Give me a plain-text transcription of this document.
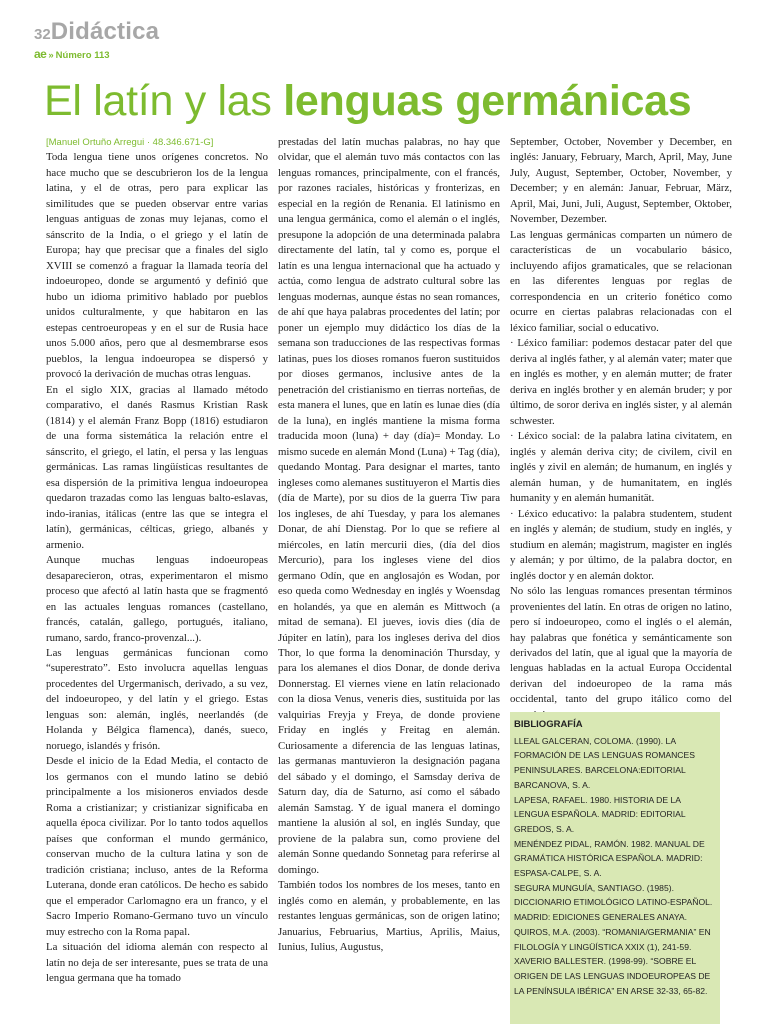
32Didáctica
ae » Número 113
El latín y las lenguas germánicas
[Manuel Ortuño Arregui · 48.346.671-G]

Toda lengua tiene unos orígenes concretos. No hace mucho que se descubrieron los de la lengua latina, y el de otras, pero para explicar las similitudes que se pueden observar entre varias lenguas antiguas de zonas muy lejanas, como el sánscrito de la India, o el griego y el latín de Europa; hay que precisar que a finales del siglo XVIII se comenzó a fraguar la llamada teoría del indoeuropeo, donde se argumentó y definió que hubo un idioma primitivo hablado por pueblos unidos culturalmente, y que habitaron en las estepas centroeuropeas y en el sur de Rusia hace unos 5.000 años, pero que al desmembrarse esos pueblos, la lengua indoeuropea se dispersó y provocó la derivación de muchas otras lenguas.

En el siglo XIX, gracias al llamado método comparativo, el danés Rasmus Kristian Rask (1814) y el alemán Franz Bopp (1816) estudiaron de una forma sistemática la relación entre el sánscrito, el griego, el latín, el persa y las lenguas germánicas. Las ramas lingüísticas resultantes de esa dispersión de la primitiva lengua indoeuropea quedaron trazadas como las lenguas balto-eslavas, indo-iranias, itálicas (entre las que se integra el latín), germánicas, célticas, griego, albanés y armenio.

Aunque muchas lenguas indoeuropeas desaparecieron, otras, experimentaron el mismo proceso que afectó al latín hasta que se fragmentó en las actuales lenguas romances (castellano, francés, catalán, gallego, portugués, italiano, rumano, sardo, franco-provenzal...).

Las lenguas germánicas funcionan como “superestrato”. Esto involucra aquellas lenguas procedentes del Urgermanisch, derivado, a su vez, del indoeuropeo, y del latín y el griego. Estas lenguas son: alemán, inglés, neerlandés (de Holanda y Bélgica flamenca), danés, sueco, noruego, islandés y frisón.

Desde el inicio de la Edad Media, el contacto de los germanos con el mundo latino se debió principalmente a los misioneros enviados desde Roma a cristianizar; y cristianizar significaba en aquella época civilizar. Por lo tanto todos aquellos países que conforman el mundo germánico, conservan mucho de la cultura latina y son de tradición cristiana; incluso, antes de la Reforma Luterana, donde eran católicos. De hecho es sabido que el emperador Carlomagno era un franco, y el Sacro Imperio Romano-Germano tuvo un vínculo muy estrecho con la Roma papal.

La situación del idioma alemán con respecto al latín no deja de ser interesante, pues se trata de una lengua germana que ha tomado

prestadas del latín muchas palabras, no hay que olvidar, que el alemán tuvo más contactos con las lenguas romances, principalmente, con el francés, por razones raciales, históricas y fronterizas, en especial en la región de Renania. El latinismo en una lengua germánica, como el alemán o el inglés, presupone la adopción de una determinada palabra directamente del latín, tal y como es, porque el latín es una lengua internacional que ha actuado y actúa, como lengua de adstrato cultural sobre las lenguas modernas, aunque éstas no sean romances, de ahí que haya palabras procedentes del latín; por poner un ejemplo muy didáctico los días de la semana son traducciones de las respectivas formas latinas, pues los dioses romanos fueron sustituidos por dioses germanos, inclusive antes de la penetración del cristianismo en tierras norteñas, de esta manera el lunes, que en latín es lunae dies (día de la luna), en inglés mantiene la misma forma traducida moon (luna) + day (día)= Monday. Lo mismo sucede en alemán Mond (Luna) + Tag (día), quedando Montag. Para designar el martes, tanto ingleses como alemanes sustituyeron el Martis dies (día de Marte), por su dios de la guerra Tiw para los ingleses, de ahí Tuesday, y para los alemanes Donar, de ahí Dienstag. Por lo que se refiere al miércoles, en latín mercurii dies, (día del dios Mercurio), para los ingleses viene del dios germano Odín, que en anglosajón es Wodan, por eso queda como Wednesday en inglés y Woensdag en holandés, ya que en alemán es Mittwoch (a mitad de semana). El jueves, iovis dies (día de Júpiter en latín), para los ingleses deriva del dios Thor, lo que forma la denominación Thursday, y para los alemanes el dios Donar, de donde deriva Donnerstag. El viernes viene en latín relacionado con la diosa Venus, veneris dies, sustituida por las valquirias Freyja y Freya, de donde proviene Friday en inglés y Freitag en alemán. Curiosamente a diferencia de las lenguas latinas, las germanas mantuvieron la designación pagana del sábado y el domingo, el Samsday deriva de Saturn day, día de Saturno, así como el sábado alemán Samstag. Y de igual manera el domingo mantiene la alusión al sol, en inglés Sunday, que proviene de la palabra sun, como proviene del alemán Sonne quedando Sonnetag para referirse al domingo.

También todos los nombres de los meses, tanto en inglés como en alemán, y probablemente, en las restantes lenguas germánicas, son de origen latino; Januarius, Februarius, Martius, Aprilis, Maius, Iunius, Iulius, Augustus,

September, October, November y December, en inglés: January, February, March, April, May, June July, August, September, October, November, y December; y en alemán: Januar, Februar, März, April, Mai, Juni, Juli, August, September, Oktober, November, Dezember.

Las lenguas germánicas comparten un número de características de un vocabulario básico, incluyendo afijos gramaticales, que se relacionan en las diferentes lenguas por reglas de correspondencia en un criterio fonético como ocurre en ciertas palabras relacionadas con el léxico familiar, social o educativo.

· Léxico familiar: podemos destacar pater del que deriva al inglés father, y al alemán vater; mater que en inglés es mother, y en alemán mutter; de frater deriva en inglés brother y en alemán bruder; y por último, de soror deriva en inglés sister, y al alemán schwester.

· Léxico social: de la palabra latina civitatem, en inglés y alemán deriva city; de civilem, civil en inglés y zivil en alemán; de humanum, en inglés y alemán human, y de humanitatem, en inglés humanity y en alemán humanität.

· Léxico educativo: la palabra studentem, student en inglés y alemán; de studium, study en inglés, y studium en alemán; magistrum, magister en inglés y alemán; y por último, de la palabra doctor, en inglés doctor y en alemán doktor.

No sólo las lenguas romances presentan términos provenientes del latín. En otras de origen no latino, pero sí indoeuropeo, como el inglés o el alemán, hay palabras que fonética y semánticamente son derivados del latín, que al igual que la mayoría de lenguas habladas en la actual Europa Occidental derivan del indoeuropeo de la rama más occidental, tanto del grupo itálico como del

BIBLIOGRAFÍA

LLEAL GALCERAN, COLOMA. (1990). LA FORMACIÓN DE LAS LENGUAS ROMANCES PENINSULARES. BARCELONA:EDITORIAL BARCANOVA, S. A.

LAPESA, RAFAEL. 1980. HISTORIA DE LA LENGUA ESPAÑOLA. MADRID: EDITORIAL GREDOS, S. A.

MENÉNDEZ PIDAL, RAMÓN. 1982. MANUAL DE GRAMÁTICA HISTÓRICA ESPAÑOLA. MADRID: ESPASA-CALPE, S. A.

SEGURA MUNGUÍA, SANTIAGO. (1985). DICCIONARIO ETIMOLÓGICO LATINO-ESPAÑOL. MADRID: EDICIONES GENERALES ANAYA.

QUIROS, M.A. (2003). “ROMANIA/GERMANIA” EN FILOLOGÍA Y LINGÜÍSTICA XXIX (1), 241-59.

XAVERIO BALLESTER. (1998-99). “SOBRE EL ORIGEN DE LAS LENGUAS INDOEUROPEAS DE LA PENÍNSULA IBÉRICA” EN ARSE 32-33, 65-82.
